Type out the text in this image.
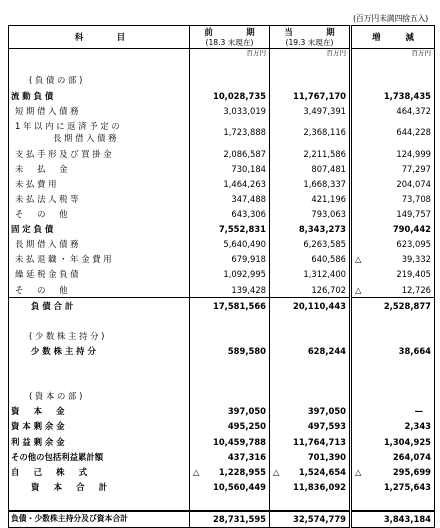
(百万円未満四捨五入)
科　　　　目	前　　　　期	当　　　　期	増　　　減
	(18.3 末現在)	(19.3 末現在)	
	百万円	百万円	百万円

( 負 債 の 部 )			
流 動 負 債	10,028,735	11,767,170	1,738,435
短 期 借 入 債 務	3,033,019	3,497,391	464,372

1 年 以 内 に 返 済 予 定 の
長 期 借 入 債 務	1,723,888	2,368,116	644,228
支 払 手 形 及 び 買 掛 金	2,086,587	2,211,586	124,999
未 　 払 　 金	730,184	807,481	77,297
未 払 費 用	1,464,263	1,668,337	204,074
未 払 法 人 税 等	347,488	421,196	73,708
そ 　 の 　 他	643,306	793,063	149,757
固 定 負 債	7,552,831	8,343,273	790,442
長 期 借 入 債 務	5,640,490	6,263,585	623,095
未 払 退 職 ・ 年 金 費 用	679,918	640,586	△ 39,332
繰 延 税 金 負 債	1,092,995	1,312,400	219,405
そ 　 の 　 他	139,428	126,702	△ 12,726
負 債 合 計	17,581,566	20,110,443	2,528,877

( 少 数 株 主 持 分 )			
少 数 株 主 持 分	589,580	628,244	38,664

( 資 本 の 部 )			
資 　 本 　 金	397,050	397,050	—
資 本 剰 余 金	495,250	497,593	2,343
利 益 剰 余 金	10,459,788	11,764,713	1,304,925
その他の包括利益累計額	437,316	701,390	264,074
自 　 己 　 株 　 式	△ 1,228,955	△ 1,524,654	△ 295,699
資 　 本 　 合 　 計	10,560,449	11,836,092	1,275,643

負債・少数株主持分及び資本合計	28,731,595	32,574,779	3,843,184
